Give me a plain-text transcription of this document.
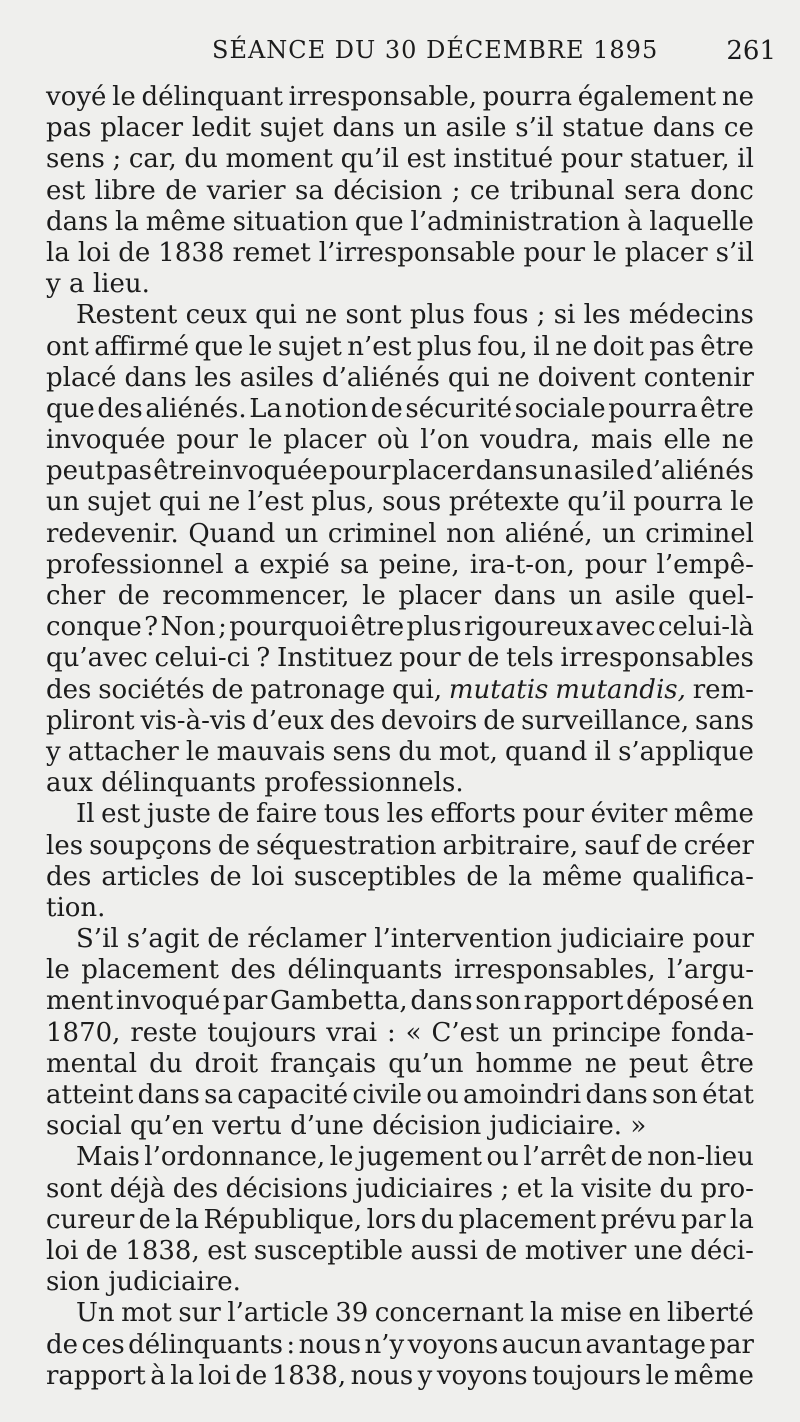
SÉANCE DU 30 DÉCEMBRE 1895	261
voyé le délinquant irresponsable, pourra également ne
pas placer ledit sujet dans un asile s’il statue dans ce
sens ; car, du moment qu’il est institué pour statuer, il
est libre de varier sa décision ; ce tribunal sera donc
dans la même situation que l’administration à laquelle
la loi de 1838 remet l’irresponsable pour le placer s’il
y a lieu.
Restent ceux qui ne sont plus fous ; si les médecins
ont affirmé que le sujet n’est plus fou, il ne doit pas être
placé dans les asiles d’aliénés qui ne doivent contenir
que des aliénés. La notion de sécurité sociale pourra être
invoquée pour le placer où l’on voudra, mais elle ne
peut pas être invoquée pour placer dans un asile d’aliénés
un sujet qui ne l’est plus, sous prétexte qu’il pourra le
redevenir. Quand un criminel non aliéné, un criminel
professionnel a expié sa peine, ira-t-on, pour l’empê-
cher de recommencer, le placer dans un asile quel-
conque ? Non ; pourquoi être plus rigoureux avec celui-là
qu’avec celui-ci ? Instituez pour de tels irresponsables
des sociétés de patronage qui, mutatis mutandis, rem-
pliront vis-à-vis d’eux des devoirs de surveillance, sans
y attacher le mauvais sens du mot, quand il s’applique
aux délinquants professionnels.
Il est juste de faire tous les efforts pour éviter même
les soupçons de séquestration arbitraire, sauf de créer
des articles de loi susceptibles de la même qualifica-
tion.
S’il s’agit de réclamer l’intervention judiciaire pour
le placement des délinquants irresponsables, l’argu-
ment invoqué par Gambetta, dans son rapport déposé en
1870, reste toujours vrai : « C’est un principe fonda-
mental du droit français qu’un homme ne peut être
atteint dans sa capacité civile ou amoindri dans son état
social qu’en vertu d’une décision judiciaire. »
Mais l’ordonnance, le jugement ou l’arrêt de non-lieu
sont déjà des décisions judiciaires ; et la visite du pro-
cureur de la République, lors du placement prévu par la
loi de 1838, est susceptible aussi de motiver une déci-
sion judiciaire.
Un mot sur l’article 39 concernant la mise en liberté
de ces délinquants : nous n’y voyons aucun avantage par
rapport à la loi de 1838, nous y voyons toujours le même
